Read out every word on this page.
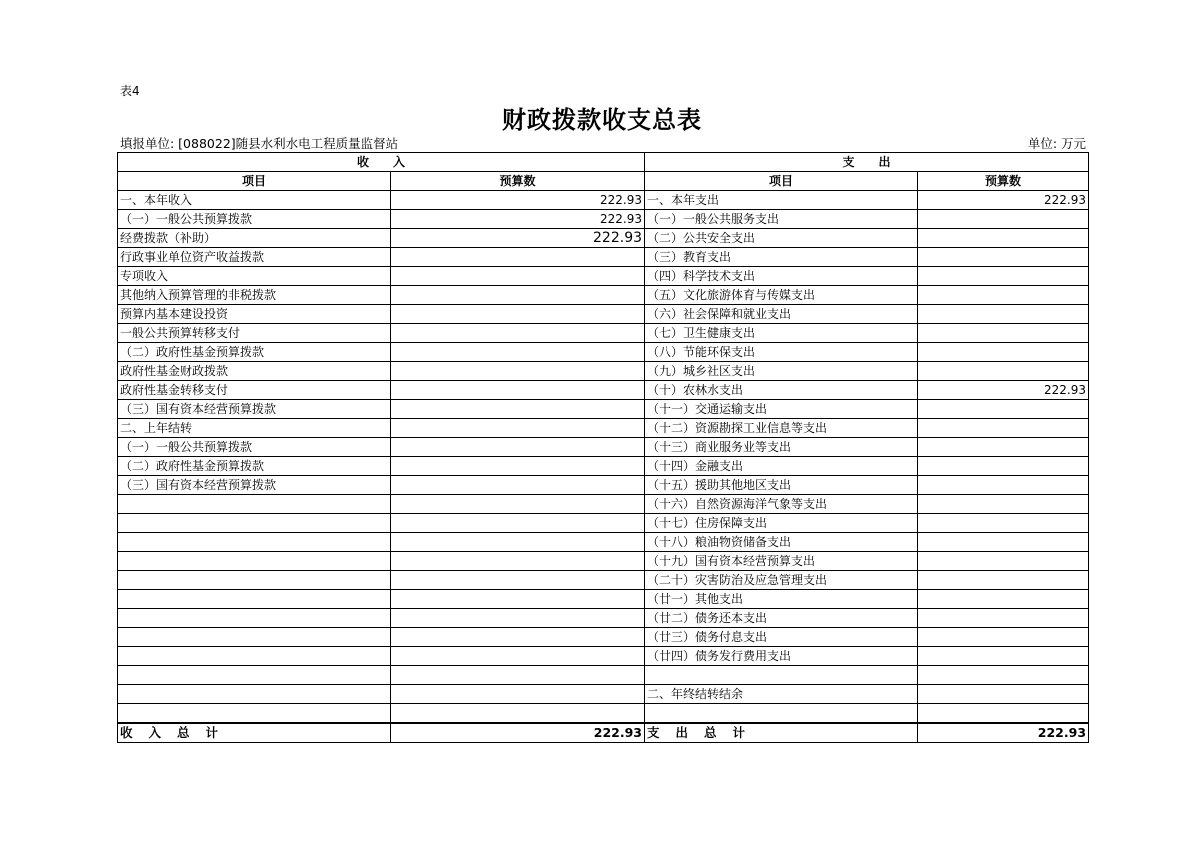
表4
财政拨款收支总表
填报单位: [088022]随县水利水电工程质量监督站	单位: 万元
收　　入		支　　出	
项目	预算数	项目	预算数
一、本年收入	222.93	一、本年支出	222.93
（一）一般公共预算拨款	222.93	（一）一般公共服务支出	
经费拨款（补助）	222.93	（二）公共安全支出	
行政事业单位资产收益拨款		（三）教育支出	
专项收入		（四）科学技术支出	
其他纳入预算管理的非税拨款		（五）文化旅游体育与传媒支出	
预算内基本建设投资		（六）社会保障和就业支出	
一般公共预算转移支付		（七）卫生健康支出	
（二）政府性基金预算拨款		（八）节能环保支出	
政府性基金财政拨款		（九）城乡社区支出	
政府性基金转移支付		（十）农林水支出	222.93
（三）国有资本经营预算拨款		（十一）交通运输支出	
二、上年结转		（十二）资源勘探工业信息等支出	
（一）一般公共预算拨款		（十三）商业服务业等支出	
（二）政府性基金预算拨款		（十四）金融支出	
（三）国有资本经营预算拨款		（十五）援助其他地区支出	
		（十六）自然资源海洋气象等支出	
		（十七）住房保障支出	
		（十八）粮油物资储备支出	
		（十九）国有资本经营预算支出	
		（二十）灾害防治及应急管理支出	
		（廿一）其他支出	
		（廿二）债务还本支出	
		（廿三）债务付息支出	
		（廿四）债务发行费用支出	

		二、年终结转结余	

收入总计	222.93	支出总计	222.93
